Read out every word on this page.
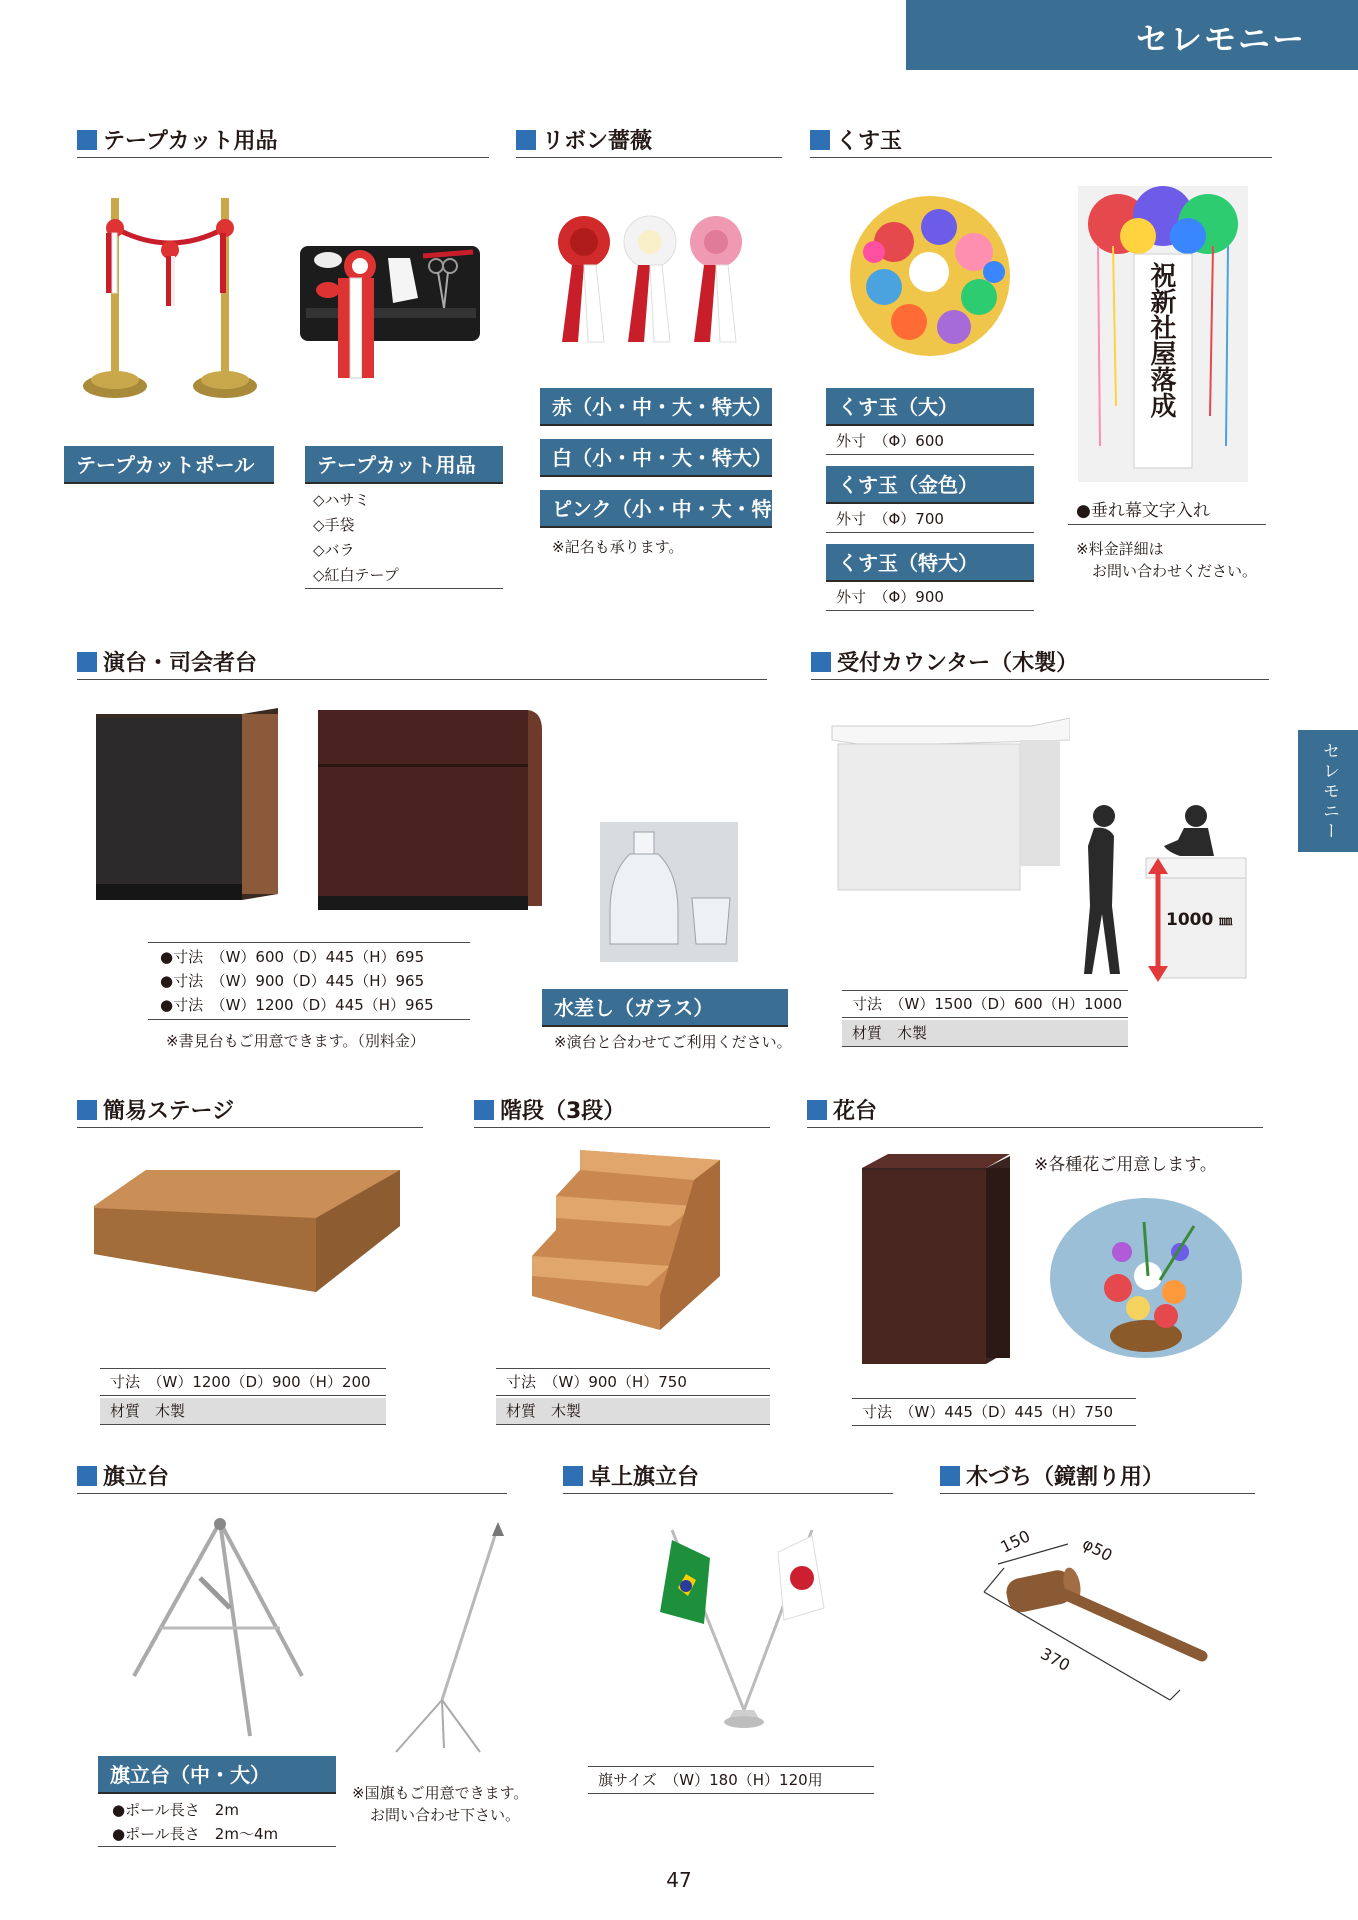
セレモニー
セレモニー
テープカット用品
テープカットポール	テープカット用品
◇ハサミ
◇手袋
◇バラ
◇紅白テープ
リボン薔薇
赤（小・中・大・特大）
白（小・中・大・特大）
ピンク（小・中・大・特大）
※記名も承ります。
くす玉
くす玉（大）
外寸　（Φ）600
くす玉（金色）
外寸　（Φ）700
くす玉（特大）
外寸　（Φ）900
祝新社屋落成
●垂れ幕文字入れ
※料金詳細は
お問い合わせください。
演台・司会者台
●寸法　（W）600（D）445（H）695
●寸法　（W）900（D）445（H）965
●寸法　（W）1200（D）445（H）965
※書見台もご用意できます。（別料金）
水差し（ガラス）
※演台と合わせてご利用ください。
受付カウンター（木製）
1000 ㎜
寸法　（W）1500（D）600（H）1000
材質　木製
簡易ステージ
寸法　（W）1200（D）900（H）200
材質　木製
階段（3段）
寸法　（W）900（H）750
材質　木製
花台
※各種花ご用意します。
寸法　（W）445（D）445（H）750
旗立台
旗立台（中・大）
●ポール長さ　2m
●ポール長さ　2m〜4m
※国旗もご用意できます。
お問い合わせ下さい。
卓上旗立台
旗サイズ　（W）180（H）120用
木づち（鏡割り用）
150	φ50
370
47
